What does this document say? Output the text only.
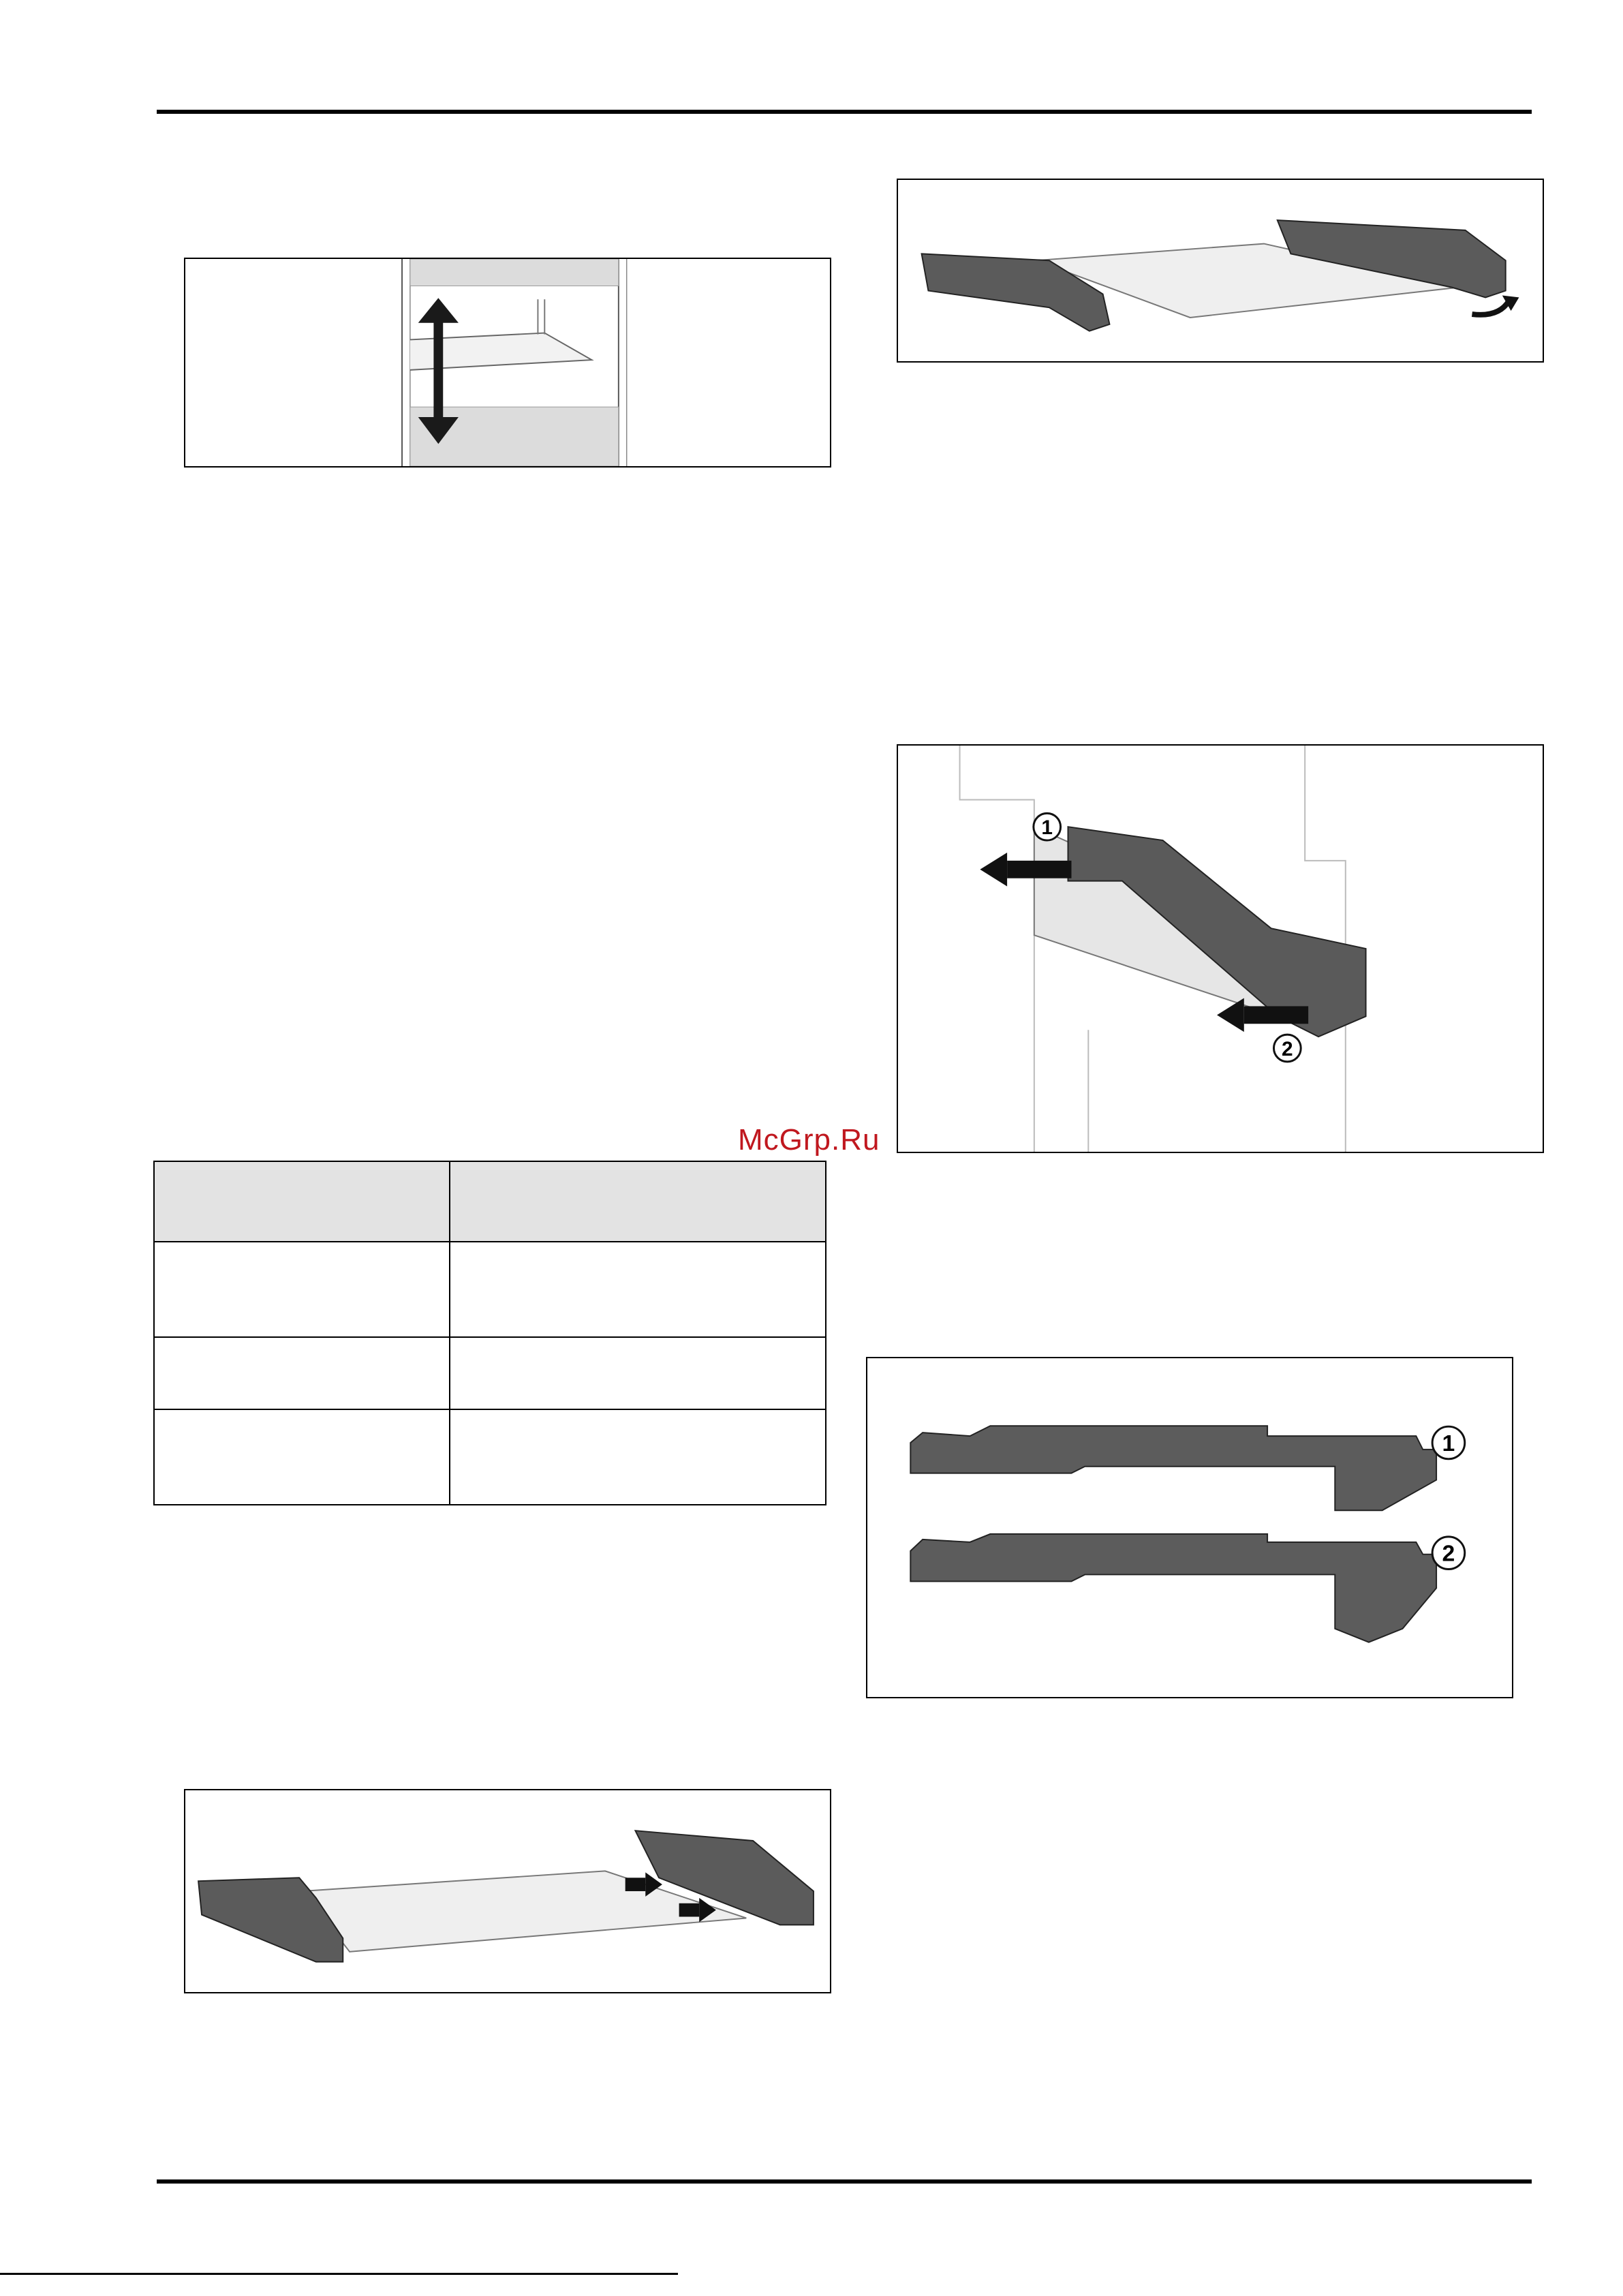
1
2
McGrp.Ru

1
2
